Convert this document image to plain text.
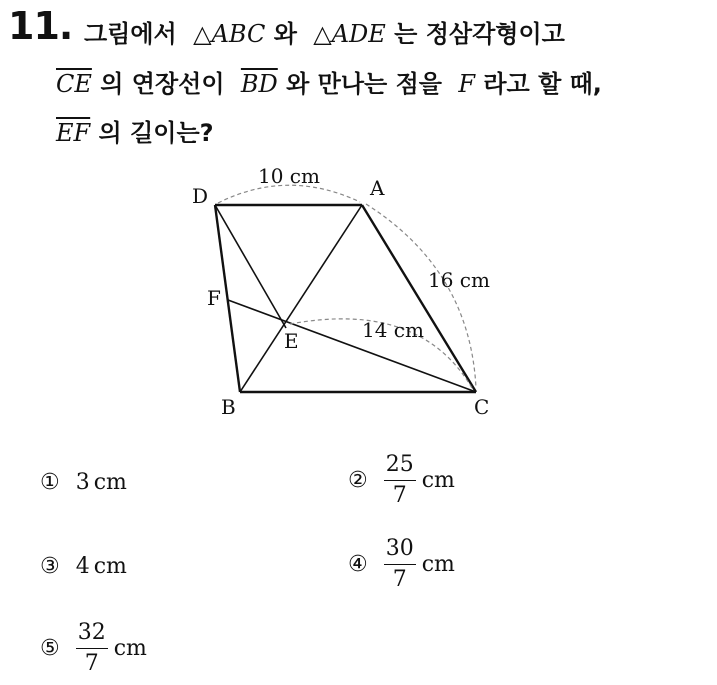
11. 그림에서 △ABC 와 △ADE 는 정삼각형이고
$\overline{CE}$ 의 연장선이 $\overline{BD}$ 와 만나는 점을 F 라고 할 때,
$\overline{EF}$ 의 길이는?
D	A
B	C
E
F
10 cm
16 cm
14 cm
① 3 cm	② $\frac{25}{7}$ cm
③ 4 cm	④ $\frac{30}{7}$ cm
⑤ $\frac{32}{7}$ cm
